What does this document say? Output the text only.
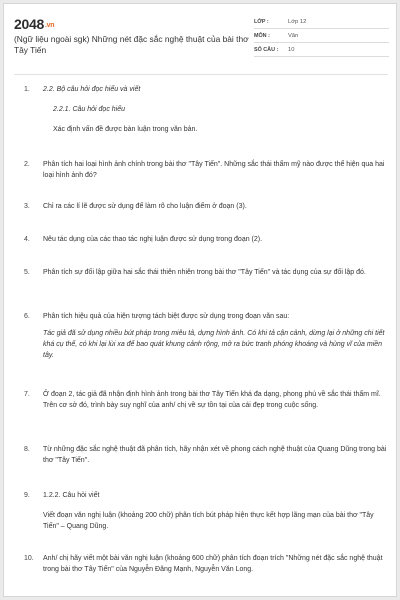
2048.vn
(Ngữ liệu ngoài sgk) Những nét đặc sắc nghệ thuật của bài thơ Tây Tiến
LỚP :	Lớp 12
MÔN :	Văn
SỐ CÂU :	10
1. 2.2. Bộ câu hỏi đọc hiểu và viết
2.2.1. Câu hỏi đọc hiểu
Xác định vấn đề được bàn luận trong văn bản.
2. Phân tích hai loại hình ảnh chính trong bài thơ "Tây Tiến". Những sắc thái thẩm mỹ nào được thể hiện qua hai loại hình ảnh đó?
3. Chỉ ra các lí lẽ được sử dụng để làm rõ cho luận điểm ở đoạn (3).
4. Nêu tác dụng của các thao tác nghị luận được sử dụng trong đoạn (2).
5. Phân tích sự đối lập giữa hai sắc thái thiên nhiên trong bài thơ "Tây Tiến" và tác dụng của sự đối lập đó.
6. Phân tích hiệu quả của hiện tượng tách biệt được sử dụng trong đoạn văn sau:
Tác giả đã sử dụng nhiều bút pháp trong miêu tả, dựng hình ảnh. Có khi tả cận cảnh, dừng lại ở những chi tiết khá cụ thể, có khi lại lùi xa để bao quát khung cảnh rộng, mở ra bức tranh phóng khoáng và hùng vĩ của miền tây.
7. Ở đoạn 2, tác giả đã nhận định hình ảnh trong bài thơ Tây Tiến khá đa dạng, phong phú về sắc thái thẩm mĩ. Trên cơ sở đó, trình bày suy nghĩ của anh/ chị về sự tồn tại của cái đẹp trong cuộc sống.
8. Từ những đặc sắc nghệ thuật đã phân tích, hãy nhận xét về phong cách nghệ thuật của Quang Dũng trong bài thơ "Tây Tiến".
9. 1.2.2. Câu hỏi viết
Viết đoạn văn nghị luận (khoảng 200 chữ) phân tích bút pháp hiện thực kết hợp lãng mạn của bài thơ "Tây Tiến" – Quang Dũng.
10. Anh/ chị hãy viết một bài văn nghị luận (khoảng 600 chữ) phân tích đoạn trích "Những nét đặc sắc nghệ thuật trong bài thơ Tây Tiến" của Nguyễn Đăng Mạnh, Nguyễn Văn Long.
